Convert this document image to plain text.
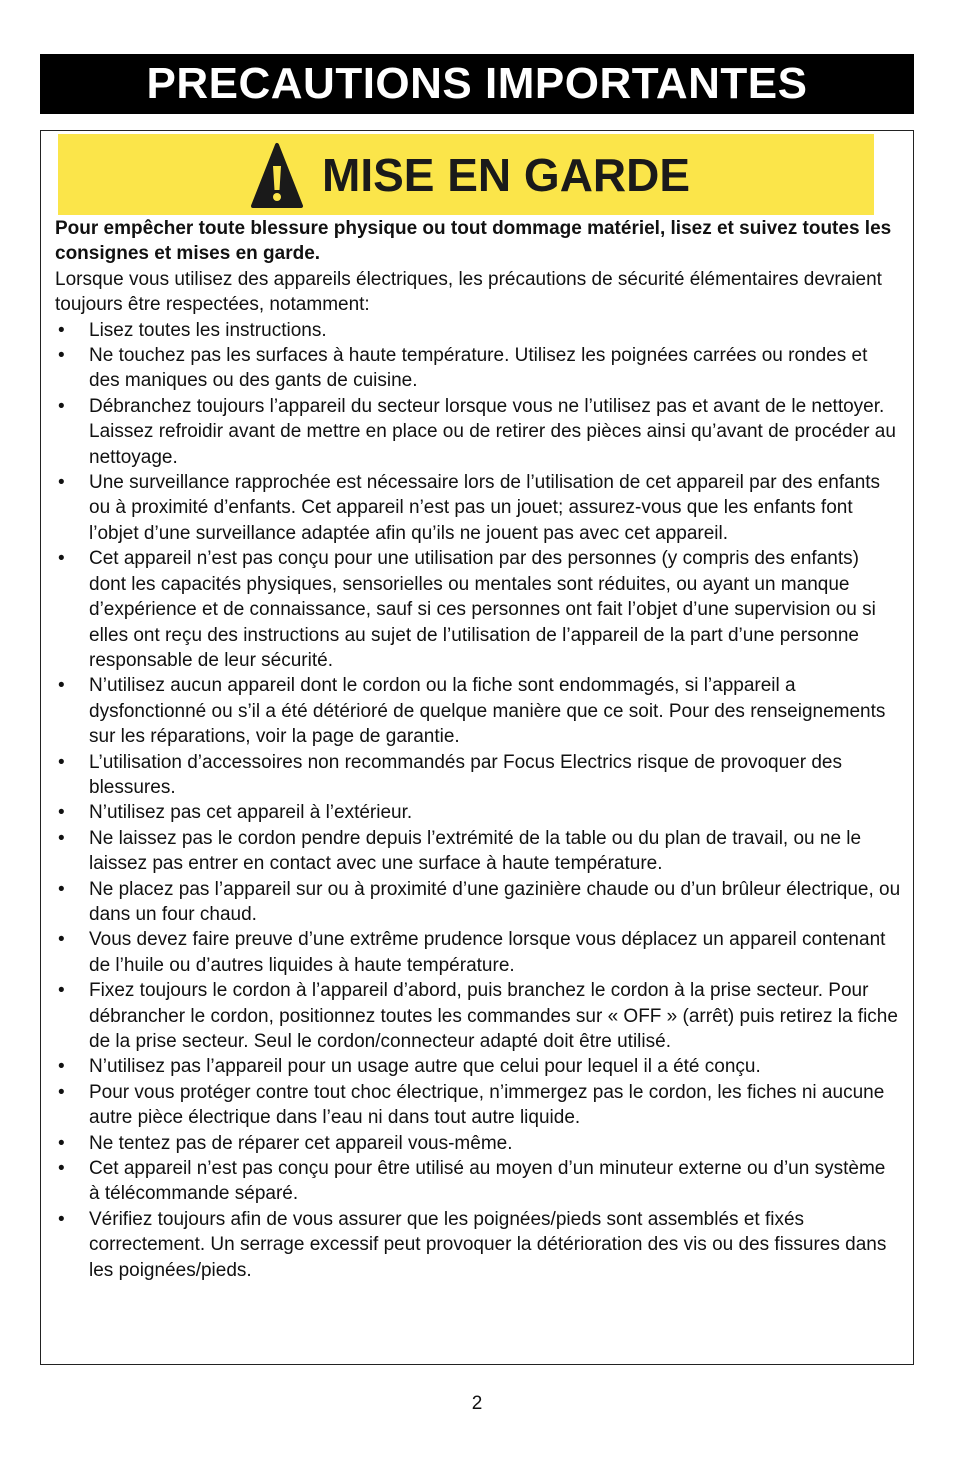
PRECAUTIONS IMPORTANTES
MISE EN GARDE

Pour empêcher toute blessure physique ou tout dommage matériel, lisez et suivez toutes les consignes et mises en garde.

Lorsque vous utilisez des appareils électriques, les précautions de sécurité élémentaires devraient toujours être respectées, notamment:

• Lisez toutes les instructions.
• Ne touchez pas les surfaces à haute température. Utilisez les poignées carrées ou rondes et des maniques ou des gants de cuisine.
• Débranchez toujours l’appareil du secteur lorsque vous ne l’utilisez pas et avant de le nettoyer. Laissez refroidir avant de mettre en place ou de retirer des pièces ainsi qu’avant de procéder au nettoyage.
• Une surveillance rapprochée est nécessaire lors de l’utilisation de cet appareil par des enfants ou à proximité d’enfants. Cet appareil n’est pas un jouet; assurez-vous que les enfants font l’objet d’une surveillance adaptée afin qu’ils ne jouent pas avec cet appareil.
• Cet appareil n’est pas conçu pour une utilisation par des personnes (y compris des enfants) dont les capacités physiques, sensorielles ou mentales sont réduites, ou ayant un manque d’expérience et de connaissance, sauf si ces personnes ont fait l’objet d’une supervision ou si elles ont reçu des instructions au sujet de l’utilisation de l’appareil de la part d’une personne responsable de leur sécurité.
• N’utilisez aucun appareil dont le cordon ou la fiche sont endommagés, si l’appareil a dysfonctionné ou s’il a été détérioré de quelque manière que ce soit. Pour des renseignements sur les réparations, voir la page de garantie.
• L’utilisation d’accessoires non recommandés par Focus Electrics risque de provoquer des blessures.
• N’utilisez pas cet appareil à l’extérieur.
• Ne laissez pas le cordon pendre depuis l’extrémité de la table ou du plan de travail, ou ne le laissez pas entrer en contact avec une surface à haute température.
• Ne placez pas l’appareil sur ou à proximité d’une gazinière chaude ou d’un brûleur électrique, ou dans un four chaud.
• Vous devez faire preuve d’une extrême prudence lorsque vous déplacez un appareil contenant de l’huile ou d’autres liquides à haute température.
• Fixez toujours le cordon à l’appareil d’abord, puis branchez le cordon à la prise secteur. Pour débrancher le cordon, positionnez toutes les commandes sur « OFF » (arrêt) puis retirez la fiche de la prise secteur. Seul le cordon/connecteur adapté doit être utilisé.
• N’utilisez pas l’appareil pour un usage autre que celui pour lequel il a été conçu.
• Pour vous protéger contre tout choc électrique, n’immergez pas le cordon, les fiches ni aucune autre pièce électrique dans l’eau ni dans tout autre liquide.
• Ne tentez pas de réparer cet appareil vous-même.
• Cet appareil n’est pas conçu pour être utilisé au moyen d’un minuteur externe ou d’un système à télécommande séparé.
• Vérifiez toujours afin de vous assurer que les poignées/pieds sont assemblés et fixés correctement. Un serrage excessif peut provoquer la détérioration des vis ou des fissures dans les poignées/pieds.
2
